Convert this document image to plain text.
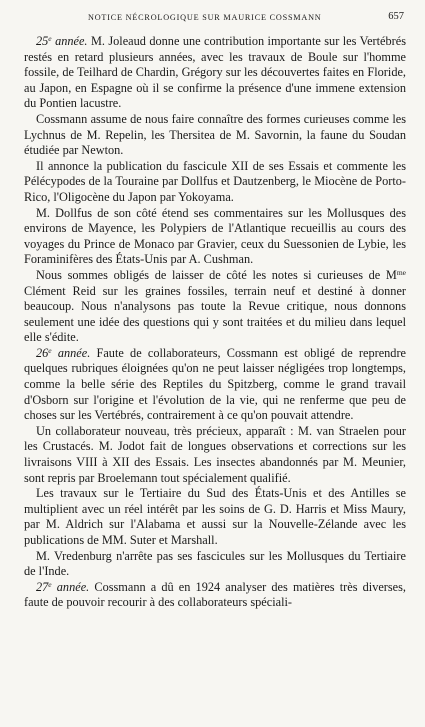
NOTICE NÉCROLOGIQUE SUR MAURICE COSSMANN	657

25e année. M. Joleaud donne une contribution importante sur les Vertébrés restés en retard plusieurs années, avec les travaux de Boule sur l'homme fossile, de Teilhard de Chardin, Grégory sur les découvertes faites en Floride, au Japon, en Espagne où il se confirme la présence d'une immene extension du Pontien lacustre.

Cossmann assume de nous faire connaître des formes curieuses comme les Lychnus de M. Repelin, les Thersitea de M. Savornin, la faune du Soudan étudiée par Newton.

Il annonce la publication du fascicule XII de ses Essais et commente les Pélécypodes de la Touraine par Dollfus et Dautzenberg, le Miocène de Porto-Rico, l'Oligocène du Japon par Yokoyama.

M. Dollfus de son côté étend ses commentaires sur les Mollusques des environs de Mayence, les Polypiers de l'Atlantique recueillis au cours des voyages du Prince de Monaco par Gravier, ceux du Suessonien de Lybie, les Foraminifères des États-Unis par A. Cushman.

Nous sommes obligés de laisser de côté les notes si curieuses de $M^{me}$ Clément Reid sur les graines fossiles, terrain neuf et destiné à donner beaucoup. Nous n'analysons pas toute la Revue critique, nous donnons seulement une idée des questions qui y sont traitées et du milieu dans lequel elle s'édite.

26e année. Faute de collaborateurs, Cossmann est obligé de reprendre quelques rubriques éloignées qu'on ne peut laisser négligées trop longtemps, comme la belle série des Reptiles du Spitzberg, comme le grand travail d'Osborn sur l'origine et l'évolution de la vie, qui ne renferme que peu de choses sur les Vertébrés, contrairement à ce qu'on pouvait attendre.

Un collaborateur nouveau, très précieux, apparaît : M. van Straelen pour les Crustacés. M. Jodot fait de longues observations et corrections sur les livraisons VIII à XII des Essais. Les insectes abandonnés par M. Meunier, sont repris par Broelemann tout spécialement qualifié.

Les travaux sur le Tertiaire du Sud des États-Unis et des Antilles se multiplient avec un réel intérêt par les soins de G. D. Harris et Miss Maury, par M. Aldrich sur l'Alabama et aussi sur la Nouvelle-Zélande avec les publications de MM. Suter et Marshall.

M. Vredenburg n'arrête pas ses fascicules sur les Mollusques du Tertiaire de l'Inde.

27e année. Cossmann a dû en 1924 analyser des matières très diverses, faute de pouvoir recourir à des collaborateurs spéciali-
